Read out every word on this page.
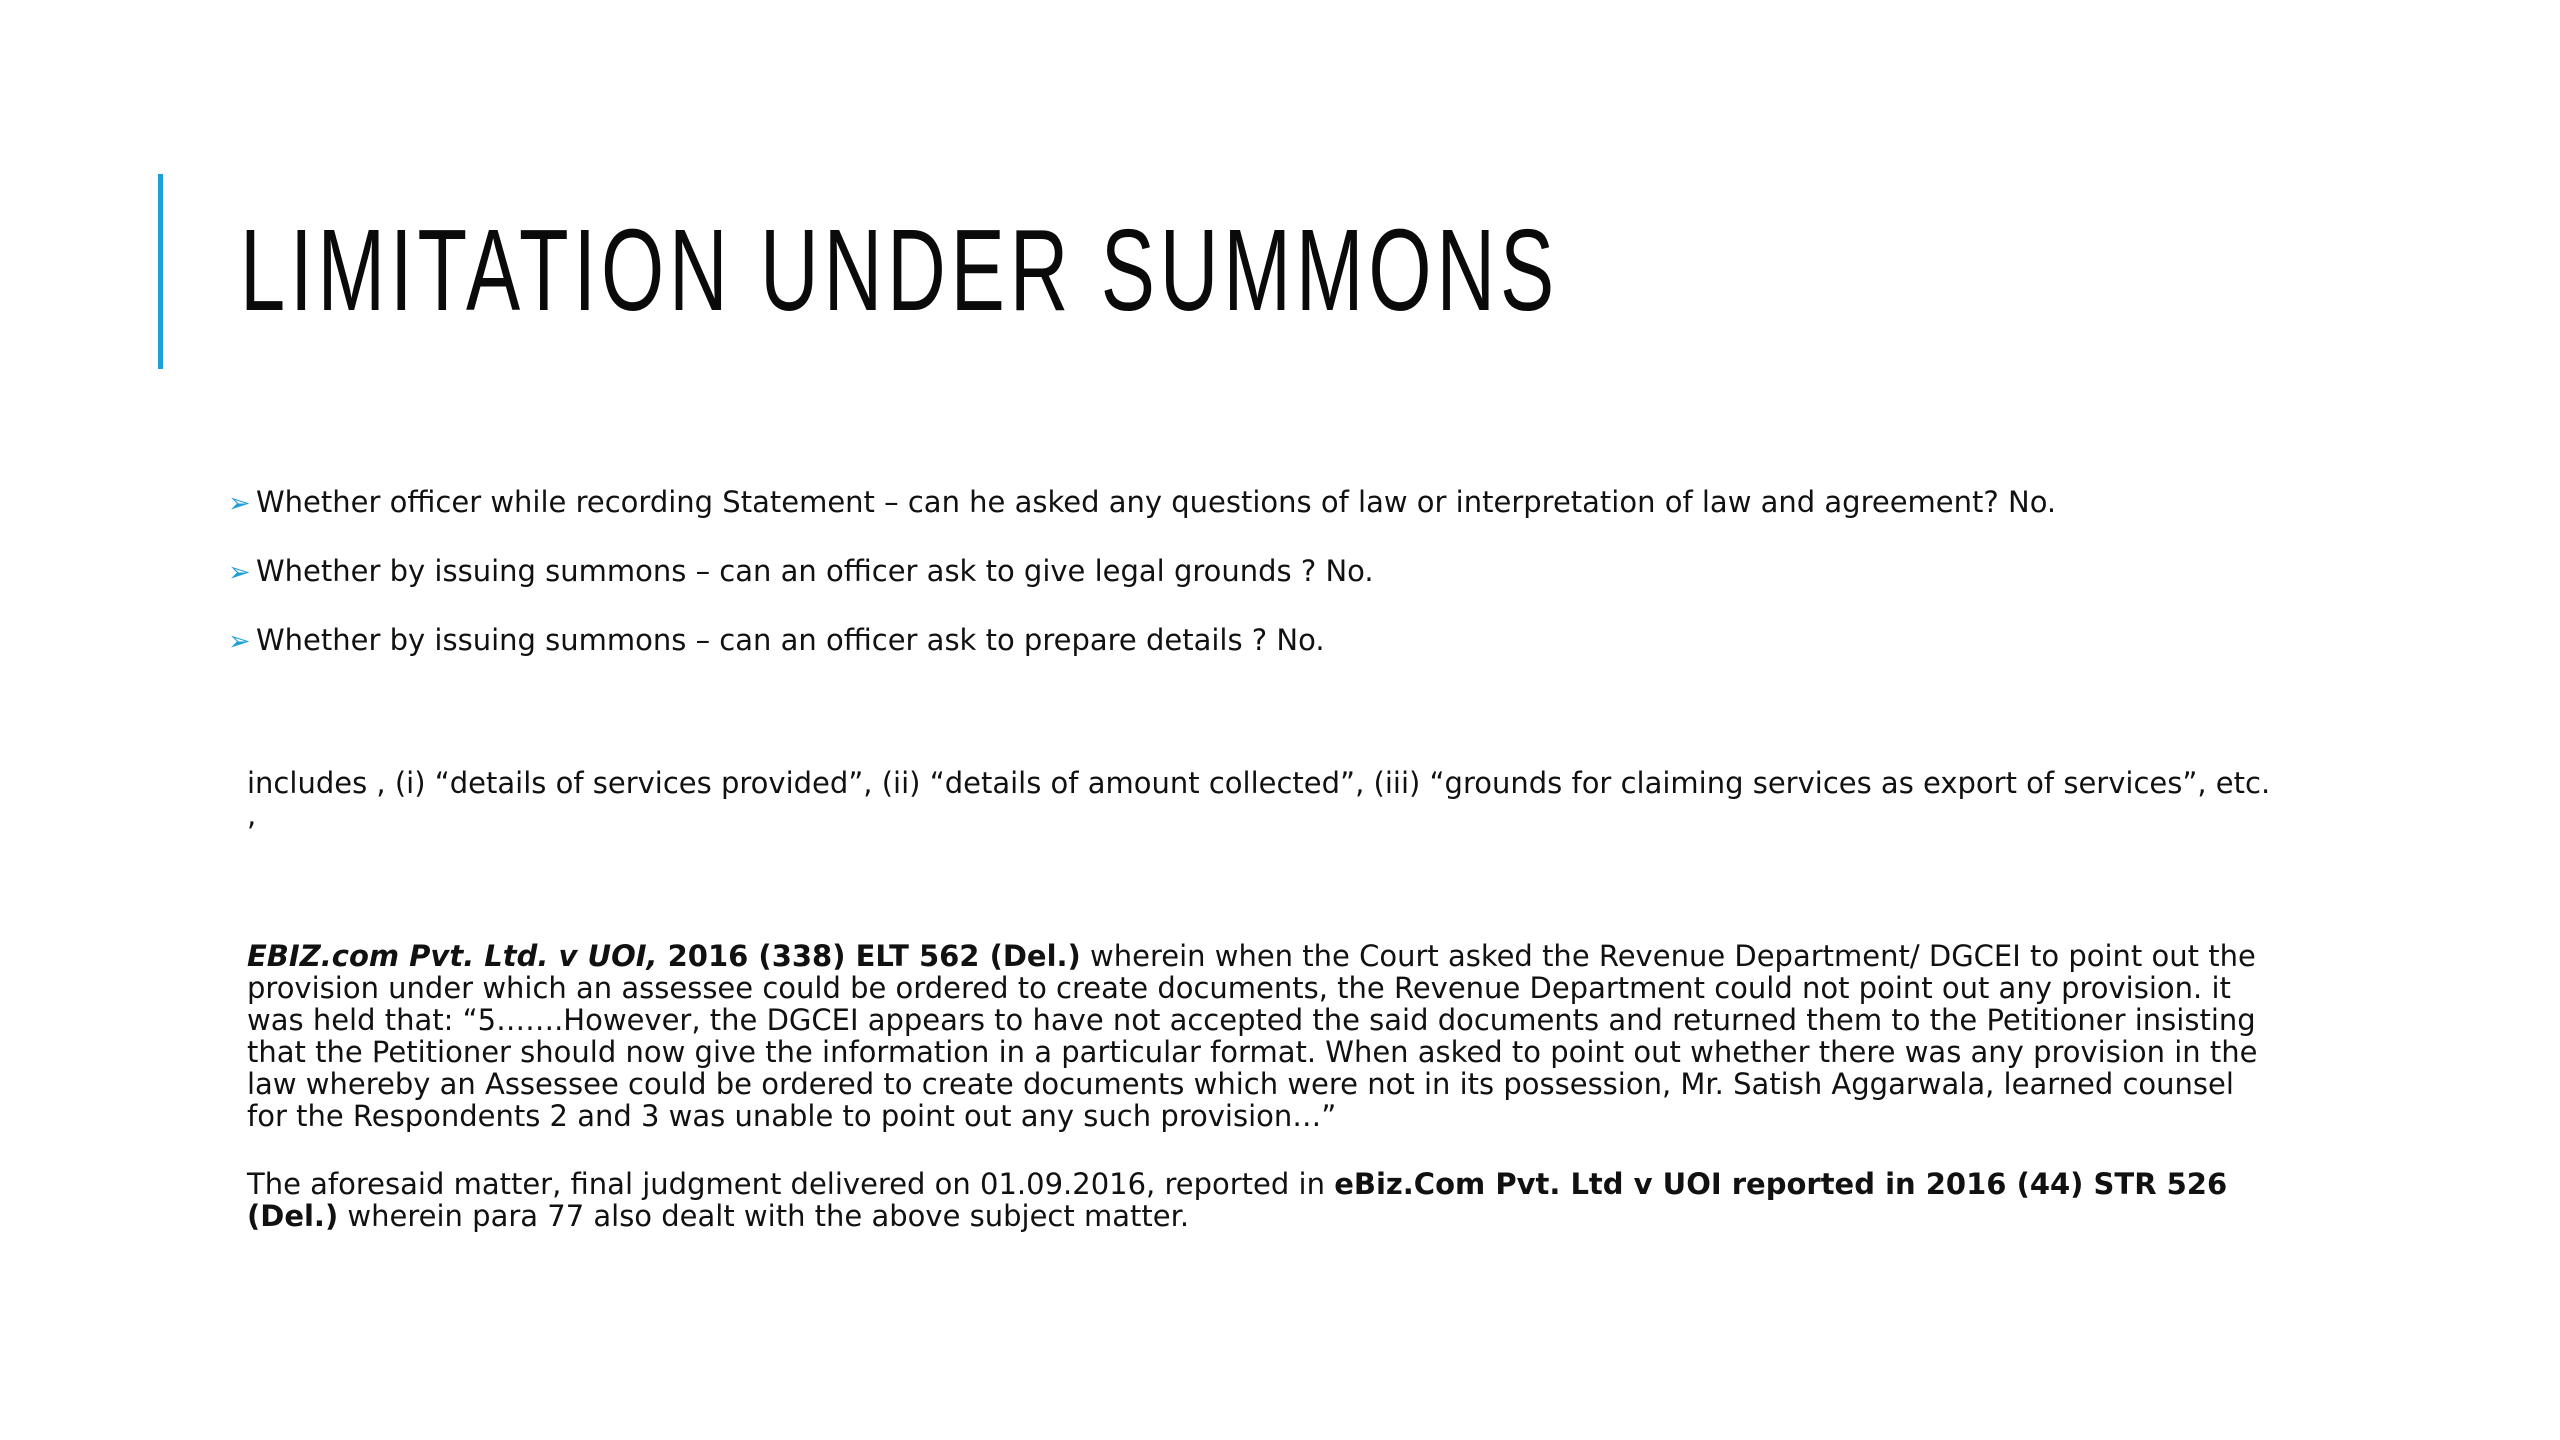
LIMITATION UNDER SUMMONS
➢ Whether officer while recording Statement – can he asked any questions of law or interpretation of law and agreement? No.
➢ Whether by issuing summons – can an officer ask to give legal grounds ? No.
➢ Whether by issuing summons – can an officer ask to prepare details ? No.

includes , (i) “details of services provided”, (ii) “details of amount collected”, (iii) “grounds for claiming services as export of services”, etc. ,

EBIZ.com Pvt. Ltd. v UOI, 2016 (338) ELT 562 (Del.) wherein when the Court asked the Revenue Department/ DGCEI to point out the provision under which an assessee could be ordered to create documents, the Revenue Department could not point out any provision. it was held that: “5…….However, the DGCEI appears to have not accepted the said documents and returned them to the Petitioner insisting that the Petitioner should now give the information in a particular format. When asked to point out whether there was any provision in the law whereby an Assessee could be ordered to create documents which were not in its possession, Mr. Satish Aggarwala, learned counsel for the Respondents 2 and 3 was unable to point out any such provision…”

The aforesaid matter, final judgment delivered on 01.09.2016, reported in eBiz.Com Pvt. Ltd v UOI reported in 2016 (44) STR 526 (Del.) wherein para 77 also dealt with the above subject matter.
